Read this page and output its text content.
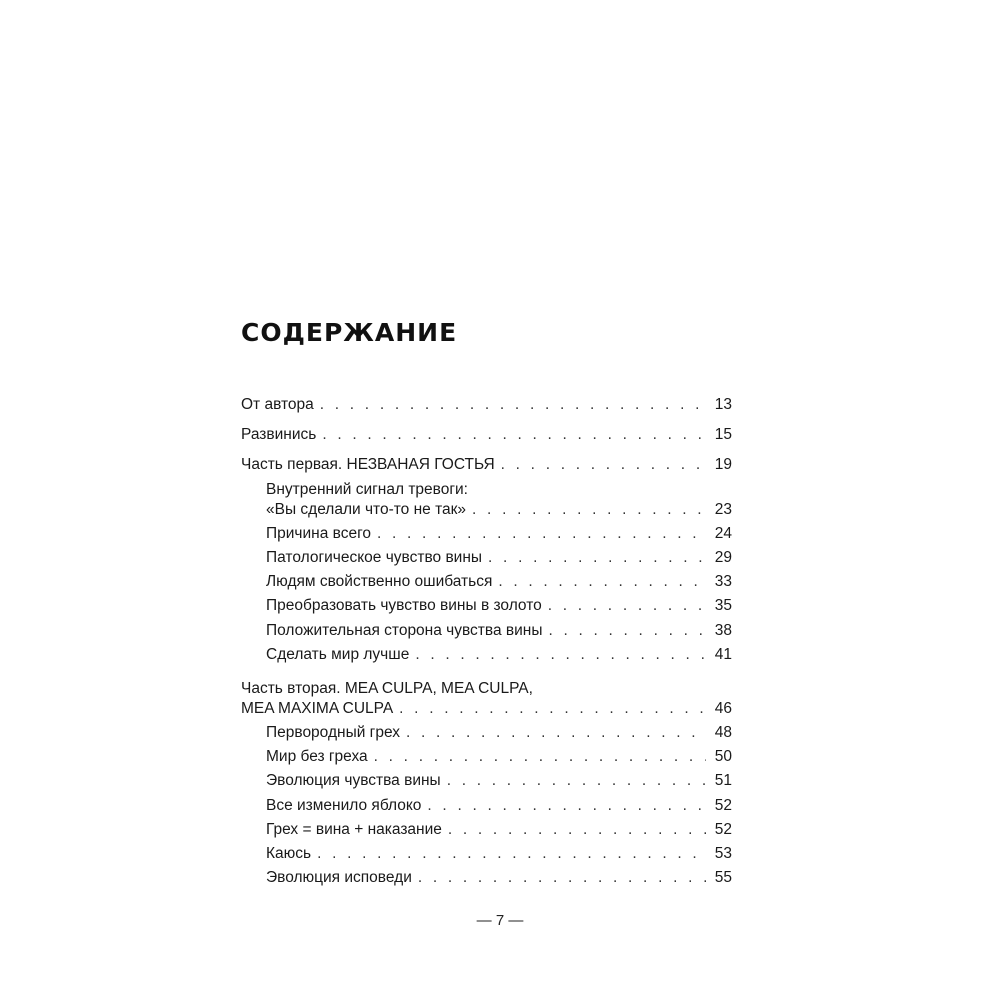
СОДЕРЖАНИЕ
От автора . . .	13
Развинись . . .	15
Часть первая. НЕЗВАНАЯ ГОСТЬЯ . . .	19
Внутренний сигнал тревоги:
«Вы сделали что-то не так» . . .	23
Причина всего . . .	24
Патологическое чувство вины . . .	29
Людям свойственно ошибаться . . .	33
Преобразовать чувство вины в золото . . .	35
Положительная сторона чувства вины . . .	38
Сделать мир лучше . . .	41
Часть вторая. MEA CULPA, MEA CULPA,
MEA MAXIMA CULPA . . .	46
Первородный грех . . .	48
Мир без греха . . .	50
Эволюция чувства вины . . .	51
Все изменило яблоко . . .	52
Грех = вина + наказание . . .	52
Каюсь . . .	53
Эволюция исповеди . . .	55
— 7 —
